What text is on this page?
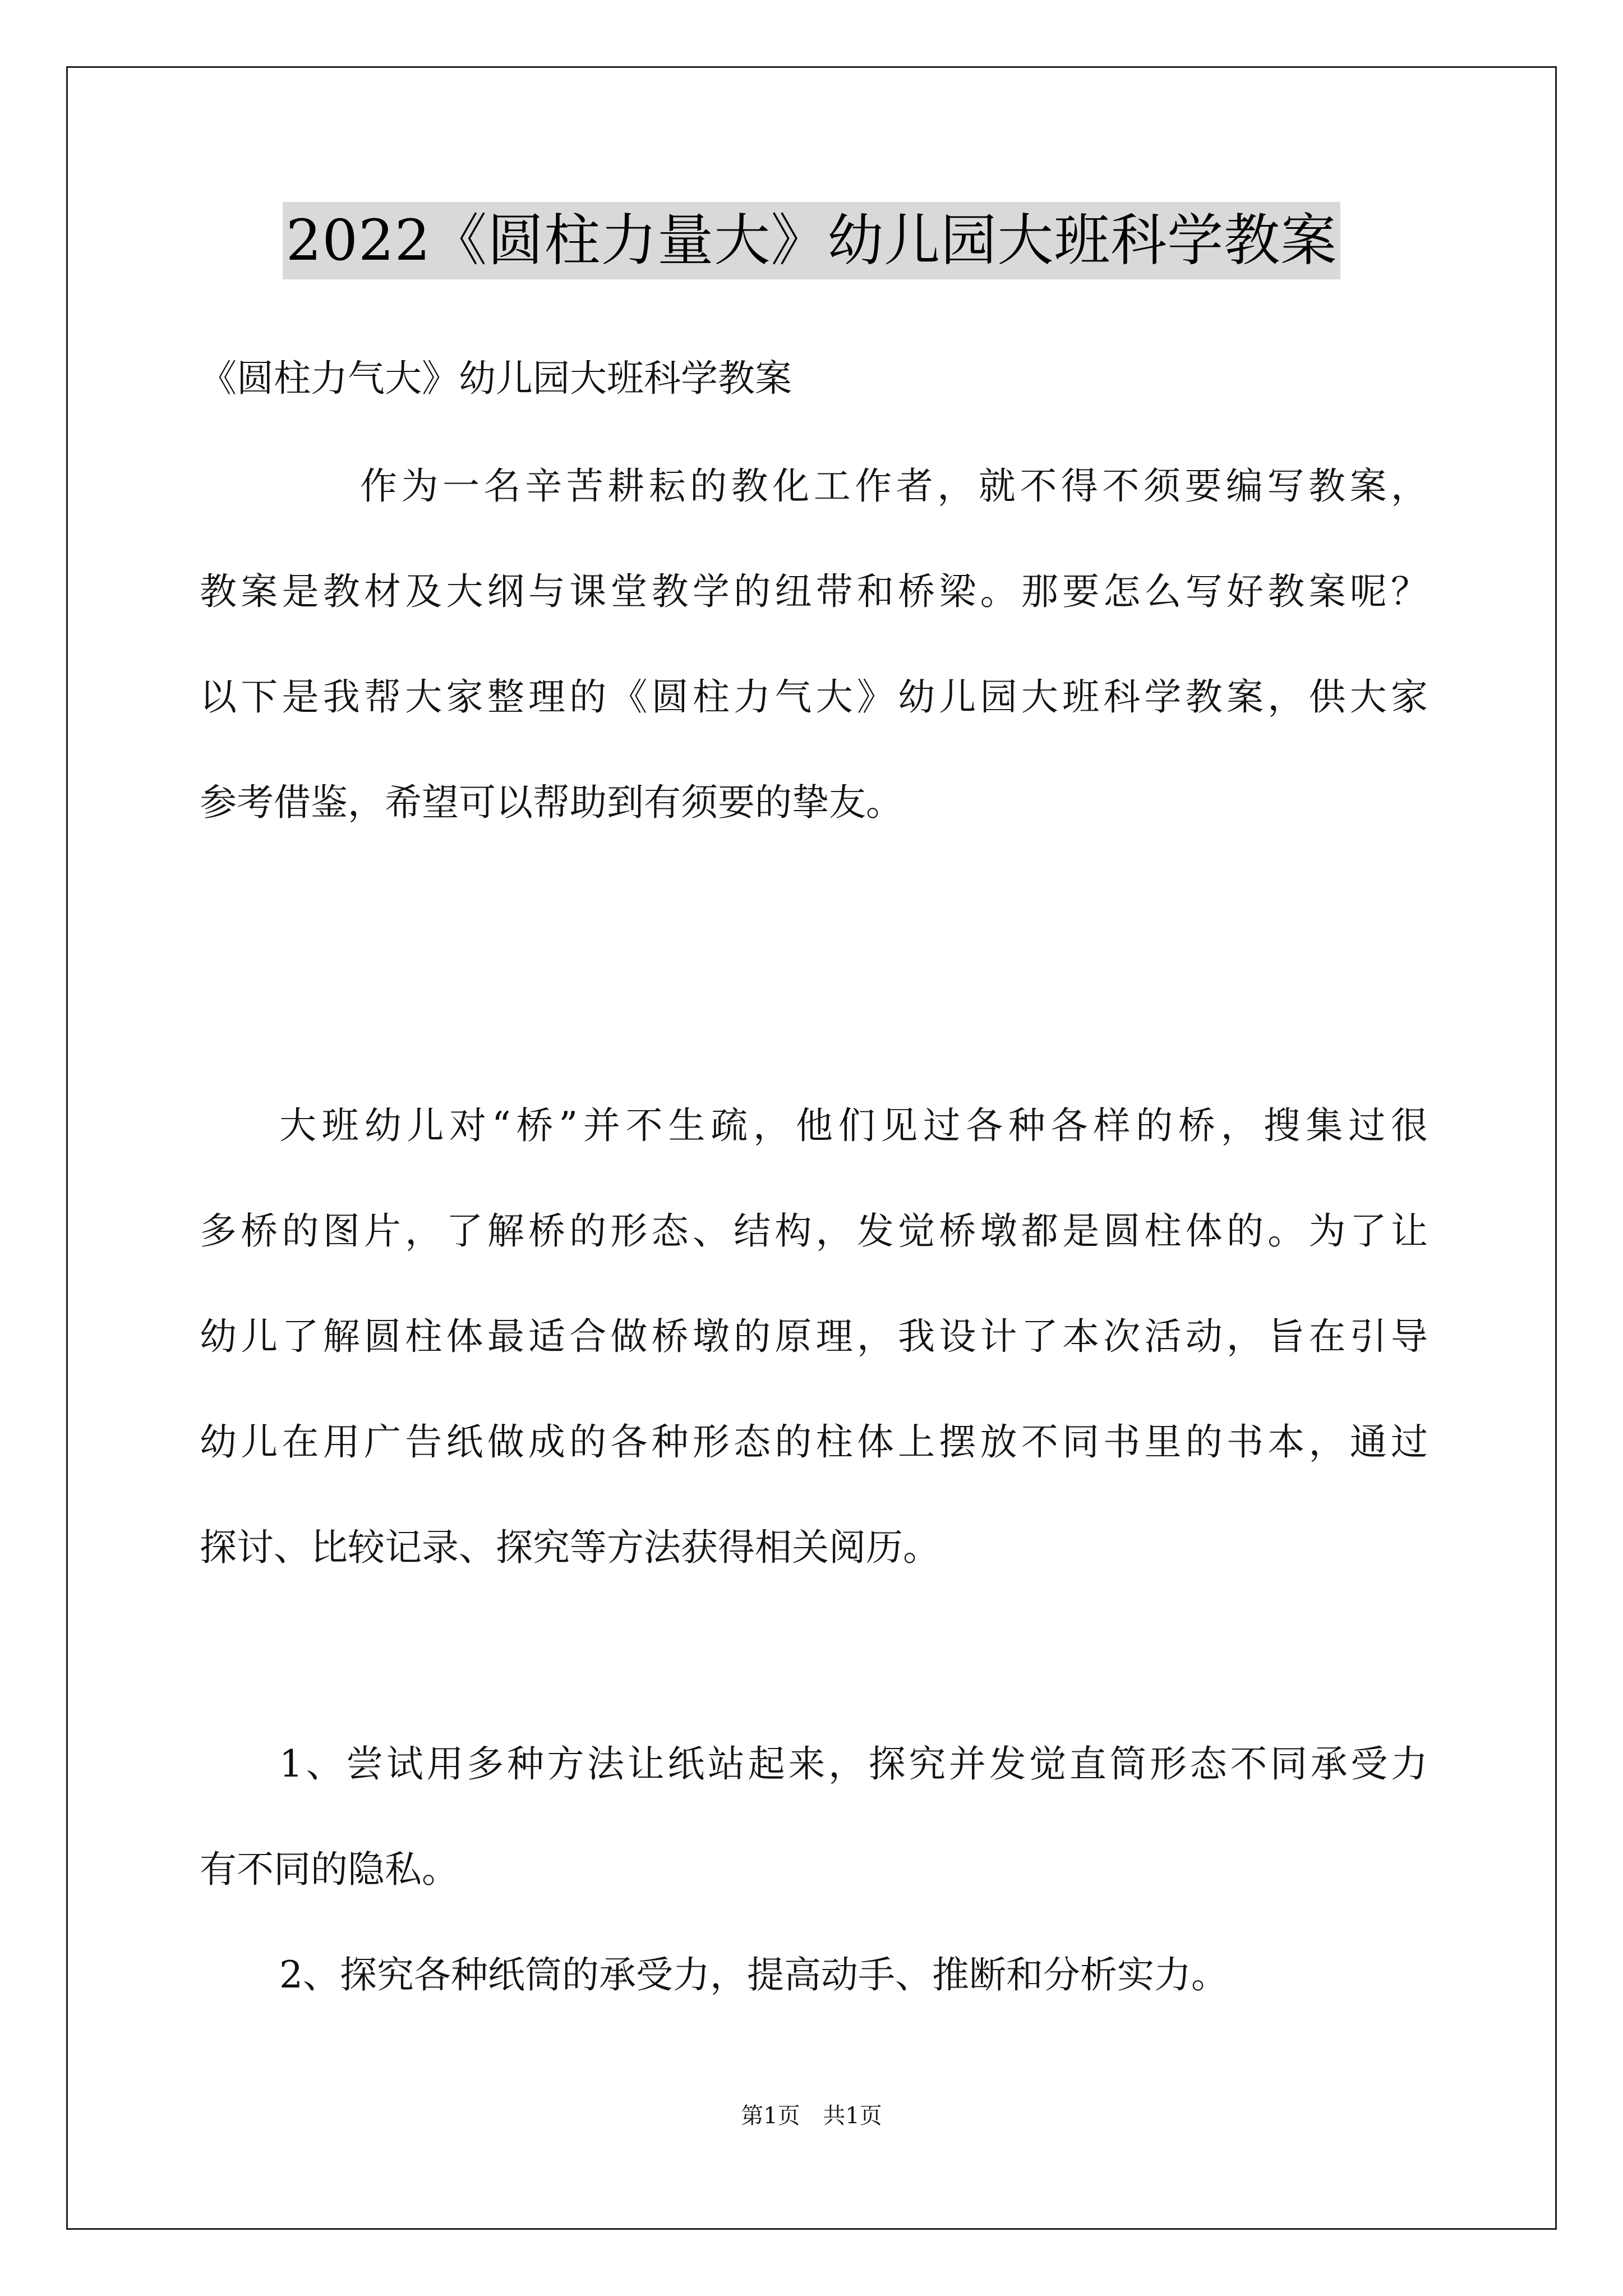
2022《圆柱力量大》幼儿园大班科学教案
《圆柱力气大》幼儿园大班科学教案
作为一名辛苦耕耘的教化工作者，就不得不须要编写教案，
教案是教材及大纲与课堂教学的纽带和桥梁。那要怎么写好教案呢？
以下是我帮大家整理的《圆柱力气大》幼儿园大班科学教案，供大家
参考借鉴，希望可以帮助到有须要的挚友。
大班幼儿对“桥”并不生疏，他们见过各种各样的桥，搜集过很
多桥的图片，了解桥的形态、结构，发觉桥墩都是圆柱体的。为了让
幼儿了解圆柱体最适合做桥墩的原理，我设计了本次活动，旨在引导
幼儿在用广告纸做成的各种形态的柱体上摆放不同书里的书本，通过
探讨、比较记录、探究等方法获得相关阅历。
1、尝试用多种方法让纸站起来，探究并发觉直筒形态不同承受力
有不同的隐私。
2、探究各种纸筒的承受力，提高动手、推断和分析实力。
第1页 共1页
